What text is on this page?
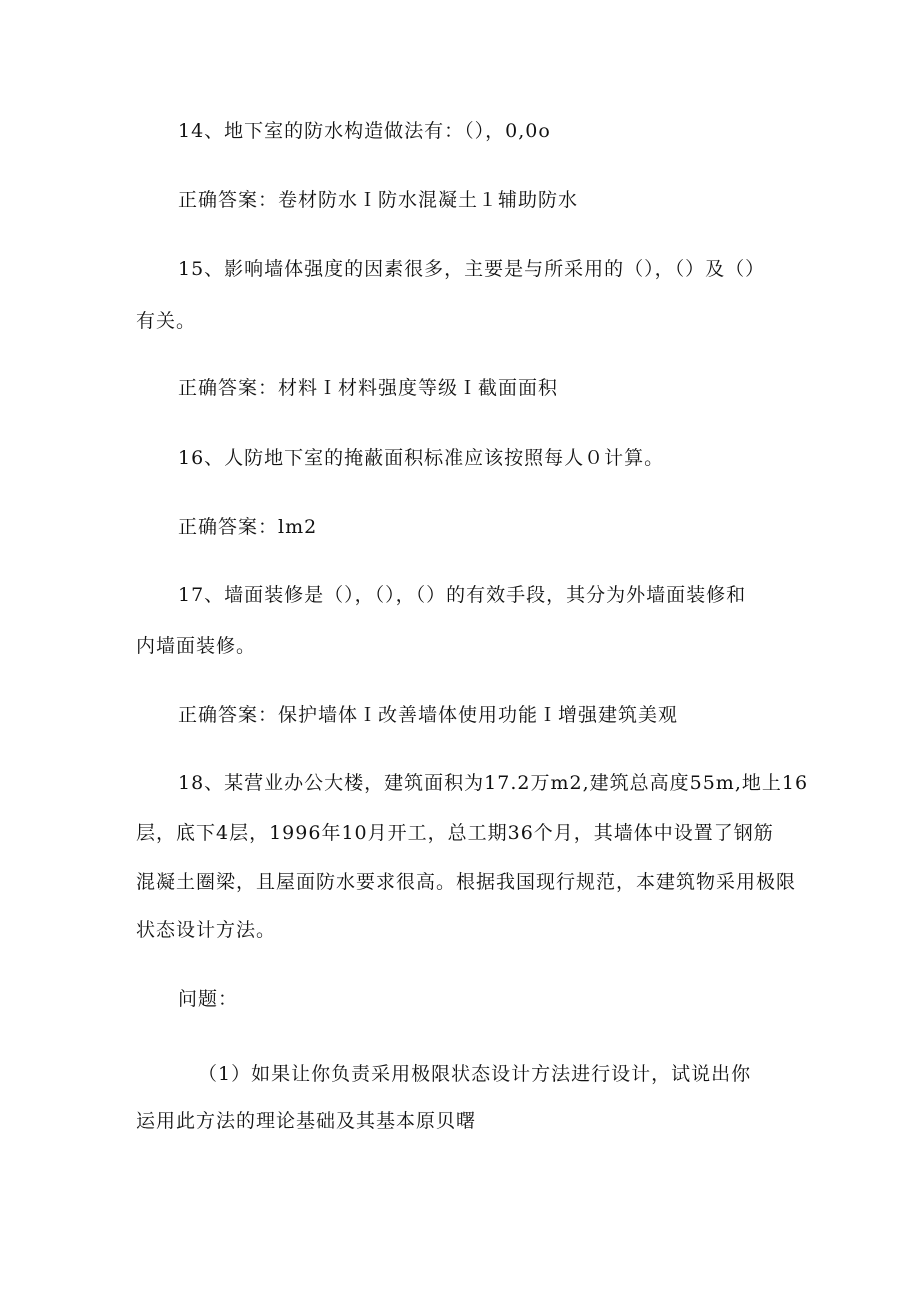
14、地下室的防水构造做法有：（），0,0o
正确答案：卷材防水Ｉ防水混凝土１辅助防水
15、影响墙体强度的因素很多，主要是与所采用的（），（）及（）
有关。
正确答案：材料Ｉ材料强度等级Ｉ截面面积
16、人防地下室的掩蔽面积标准应该按照每人０计算。
正确答案：lm2
17、墙面装修是（），（），（）的有效手段，其分为外墙面装修和
内墙面装修。
正确答案：保护墙体Ｉ改善墙体使用功能Ｉ增强建筑美观
18、某营业办公大楼，建筑面积为17.2万m2,建筑总高度55m,地上16
层，底下4层，1996年10月开工，总工期36个月，其墙体中设置了钢筋
混凝土圈梁，且屋面防水要求很高。根据我国现行规范，本建筑物采用极限
状态设计方法。
问题：
（1）如果让你负责采用极限状态设计方法进行设计，试说出你
运用此方法的理论基础及其基本原贝曙
